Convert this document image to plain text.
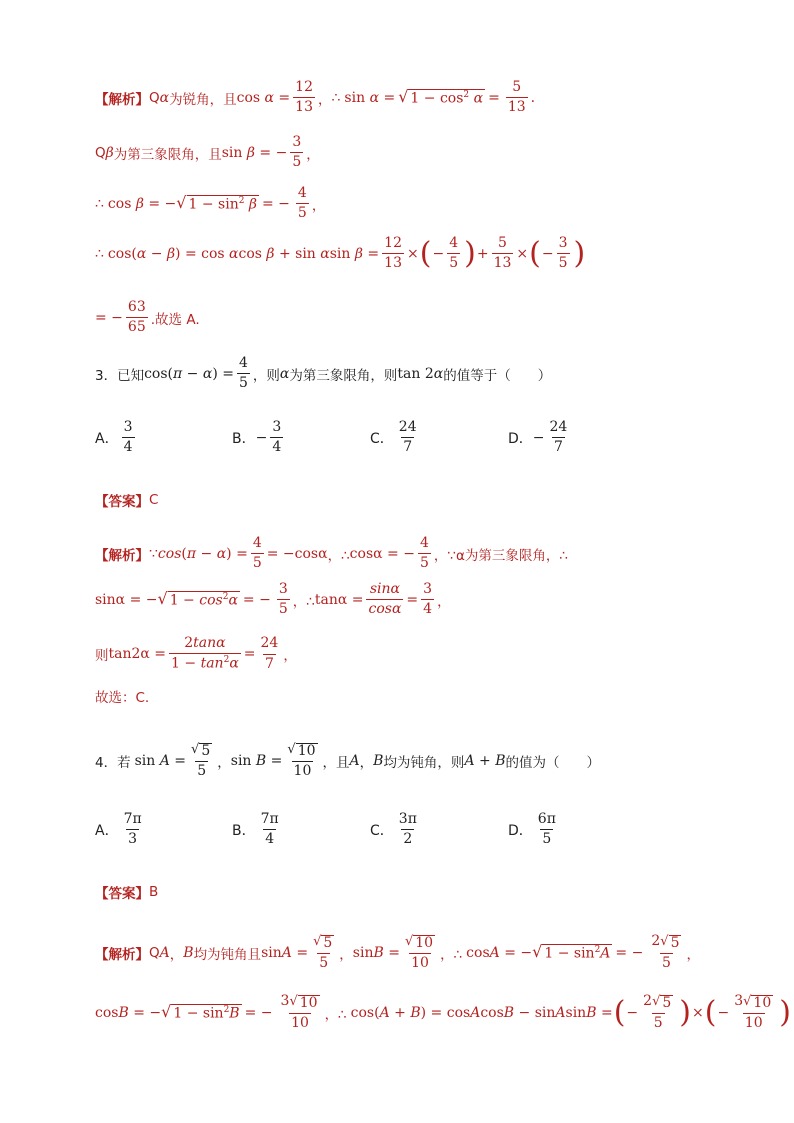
【解析】 Q α 为锐角，且 $\cos \alpha = \frac{12}{13}$ ， ∴ sin α = √ $1 - \cos^2 \alpha = \frac{5}{13}$ .
Q β 为第三象限角，且 sin β = − $\frac{3}{5}$ ，
∴ cos β = − √ $1 - \sin^2 \beta$ = − $\frac{4}{5}$ ，
∴ cos(α − β) = cos αcos β + sin αsin $\beta = \frac{12}{13}$ × ( − $\frac{4}{5}$ ) + $\frac{5}{13}$ × ( − $\frac{3}{5}$ )
= − $\frac{63}{65}$ .故选 A.
3． 已知 $\cos(\pi - \alpha) = \frac{4}{5}$ ，则 α 为第三象限角，则 tan 2α 的值等于（　　）
A． $\frac{3}{4}$	B． − $\frac{3}{4}$	C． $\frac{24}{7}$	D． − $\frac{24}{7}$
【答案】 C
【解析】 ∵ $\cos (\pi - \alpha) = \frac{4}{5} = -\cos\alpha$ ，∴ cosα = − $\frac{4}{5}$ ，∵ α为第三象限角，∴
sinα = − √ $1 - \cos^2\alpha$ = − $\frac{3}{5}$ ，∴ $\tan\alpha = \frac{\sin\alpha}{\cos\alpha} = \frac{3}{4}$ ，
则 $\tan 2\alpha = \frac{2\tan\alpha}{1 - \tan^2\alpha} = \frac{24}{7}$ ，
故选：C.
4．若 $\sin A = \frac{√ 5}{5}$ ， $\sin B = \frac{√ 10}{10}$ ，且 A ， B 均为钝角，则 A + B 的值为（　　）
A． $\frac{7\pi}{3}$	B． $\frac{7\pi}{4}$	C． $\frac{3\pi}{2}$	D． $\frac{6\pi}{5}$
【答案】 B
【解析】 Q A ， B 均为钝角且 $\sin A = \frac{√ 5}{5}$ ， $\sin B = \frac{√ 10}{10}$ ，∴ cosA = − √ $1 - \sin^2A$ = − $\frac{2 √ 5}{5}$ ，
cosB = − √ $1 - \sin^2B$ = − $\frac{3 √ 10}{10}$ ，∴ cos(A + B) = cosAcosB − sinAsinB = ( − $\frac{2 √ 5}{5}$ ) × ( − $\frac{3 √ 10}{10}$ )
